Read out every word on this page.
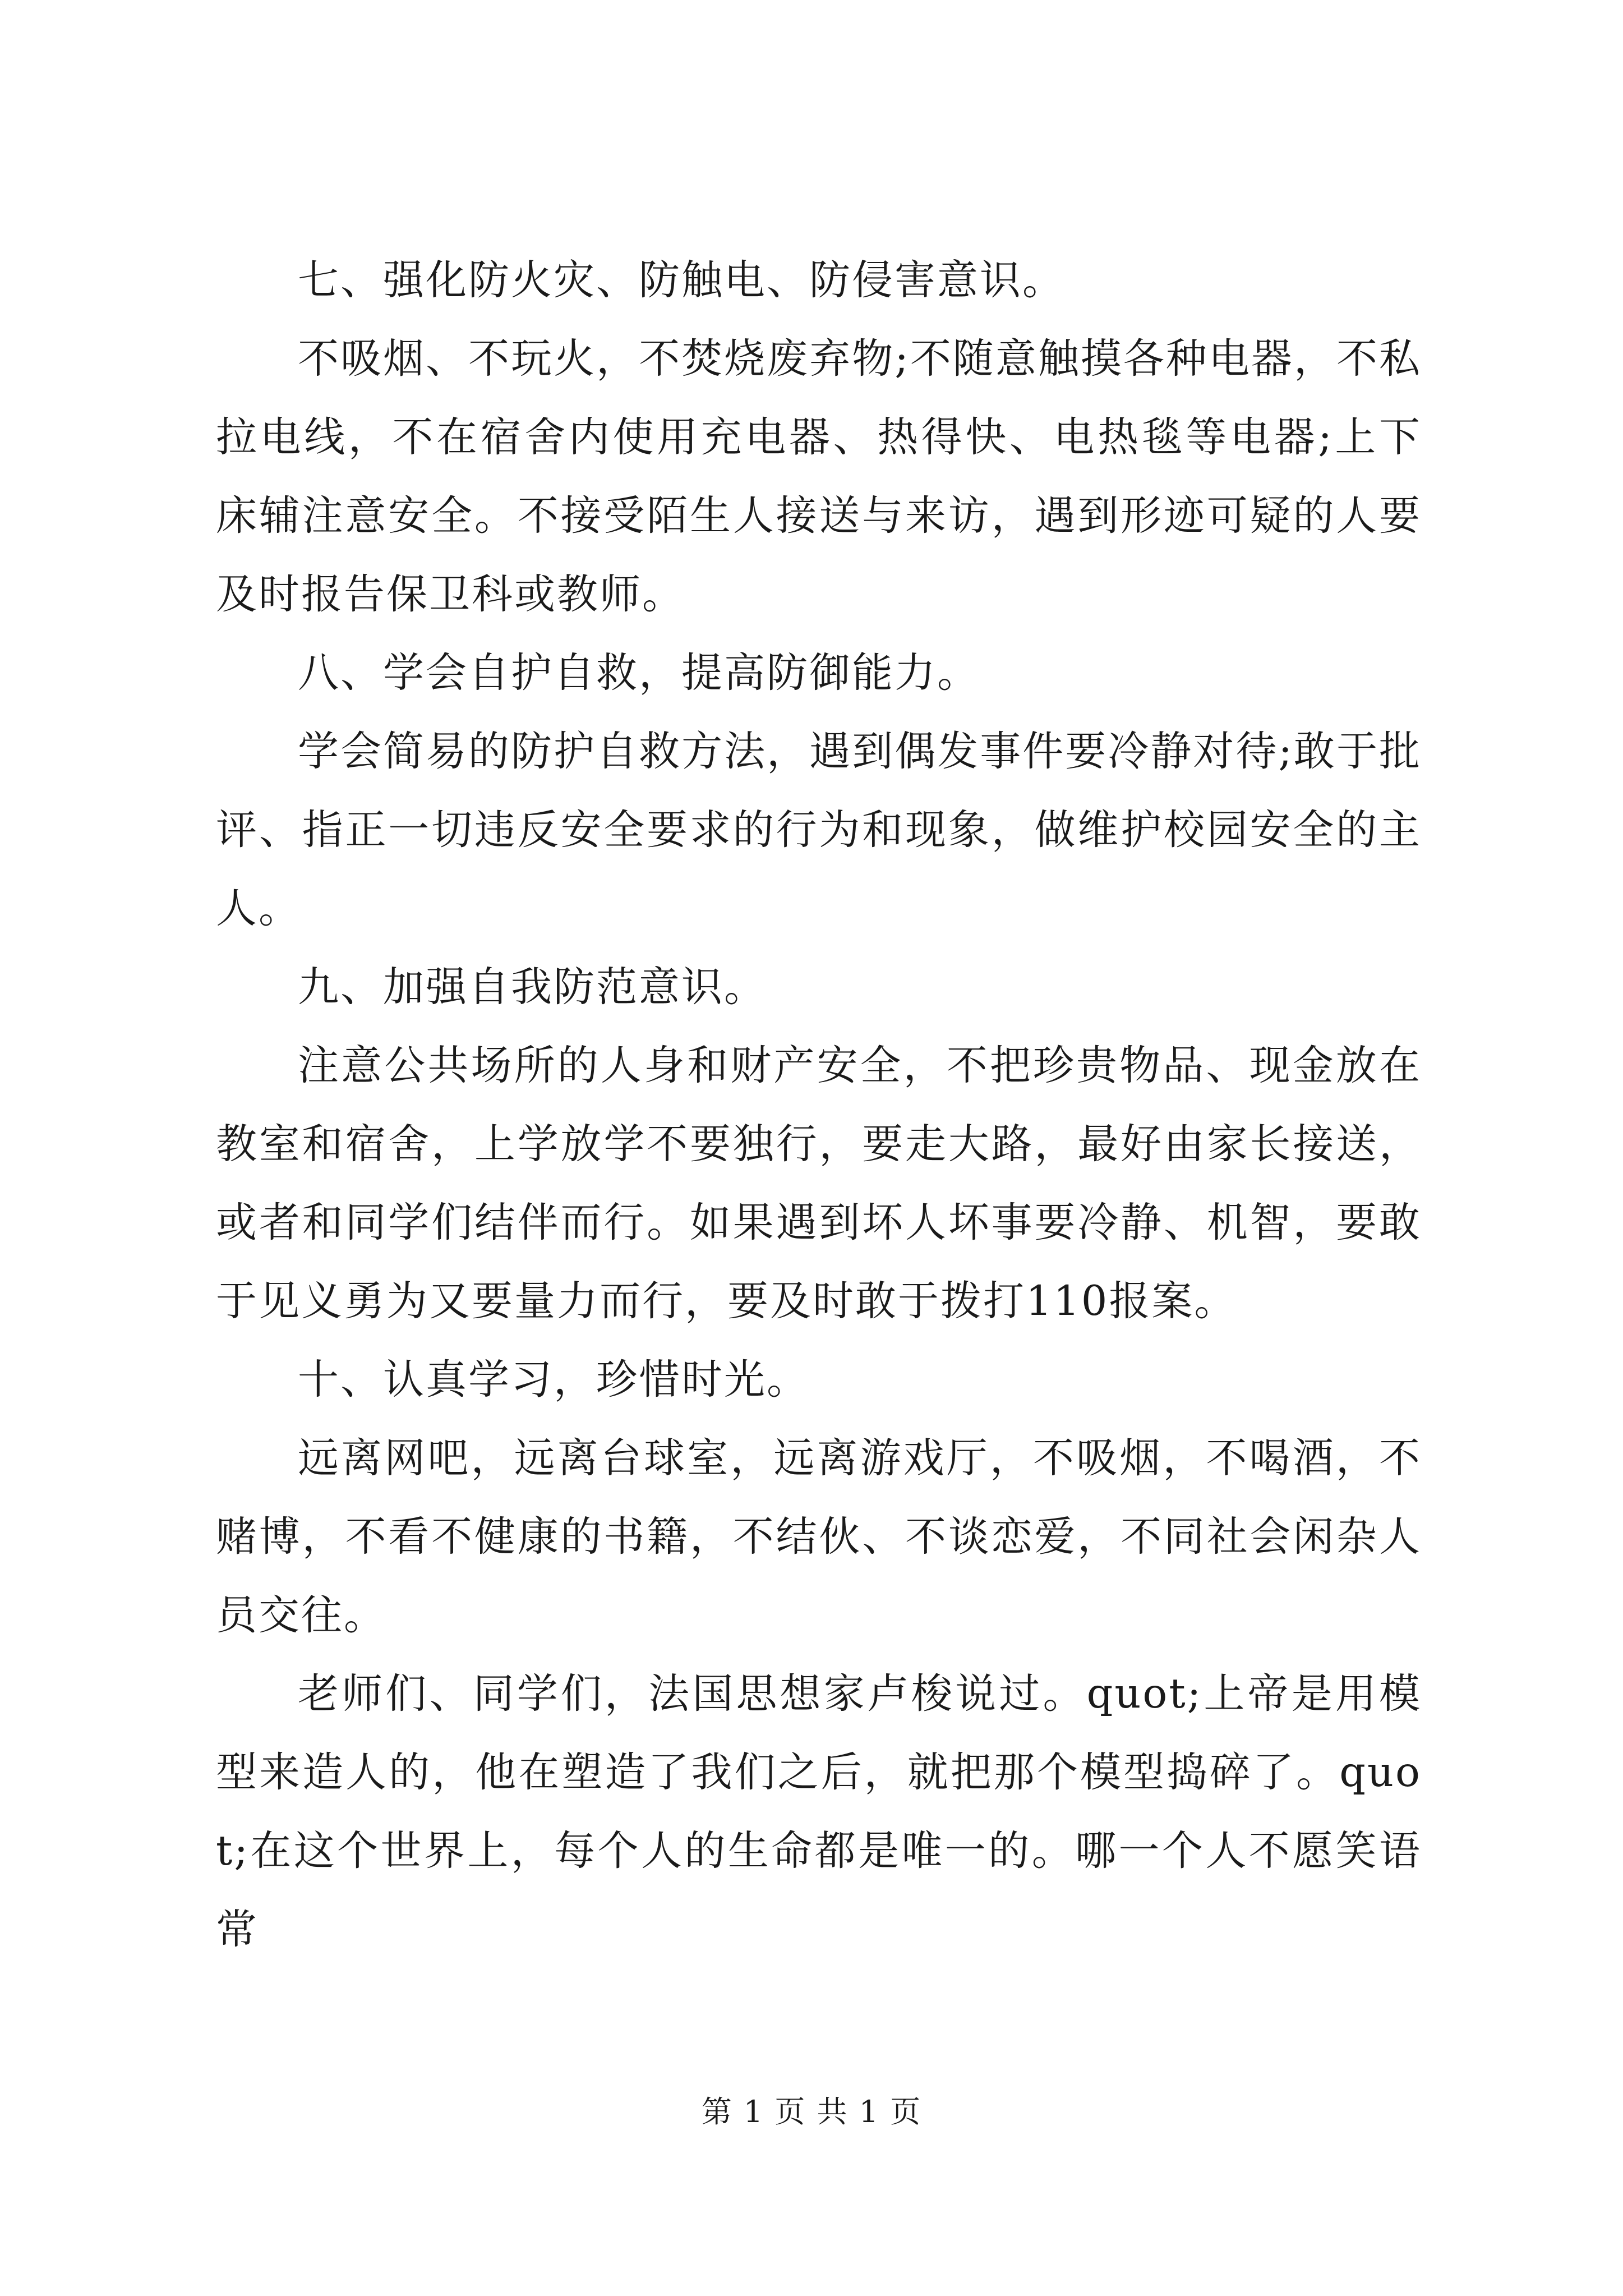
七、强化防火灾、防触电、防侵害意识。

不吸烟、不玩火，不焚烧废弃物;不随意触摸各种电器，不私拉电线，不在宿舍内使用充电器、热得快、电热毯等电器;上下床辅注意安全。不接受陌生人接送与来访，遇到形迹可疑的人要及时报告保卫科或教师。

八、学会自护自救，提高防御能力。

学会简易的防护自救方法，遇到偶发事件要冷静对待;敢于批评、指正一切违反安全要求的行为和现象，做维护校园安全的主人。

九、加强自我防范意识。

注意公共场所的人身和财产安全，不把珍贵物品、现金放在教室和宿舍，上学放学不要独行，要走大路，最好由家长接送，或者和同学们结伴而行。如果遇到坏人坏事要冷静、机智，要敢于见义勇为又要量力而行，要及时敢于拨打110报案。

十、认真学习，珍惜时光。

远离网吧，远离台球室，远离游戏厅，不吸烟，不喝酒，不赌博，不看不健康的书籍，不结伙、不谈恋爱，不同社会闲杂人员交往。

老师们、同学们，法国思想家卢梭说过。quot;上帝是用模型来造人的，他在塑造了我们之后，就把那个模型捣碎了。quot;在这个世界上，每个人的生命都是唯一的。哪一个人不愿笑语常

第 1 页 共 1 页
